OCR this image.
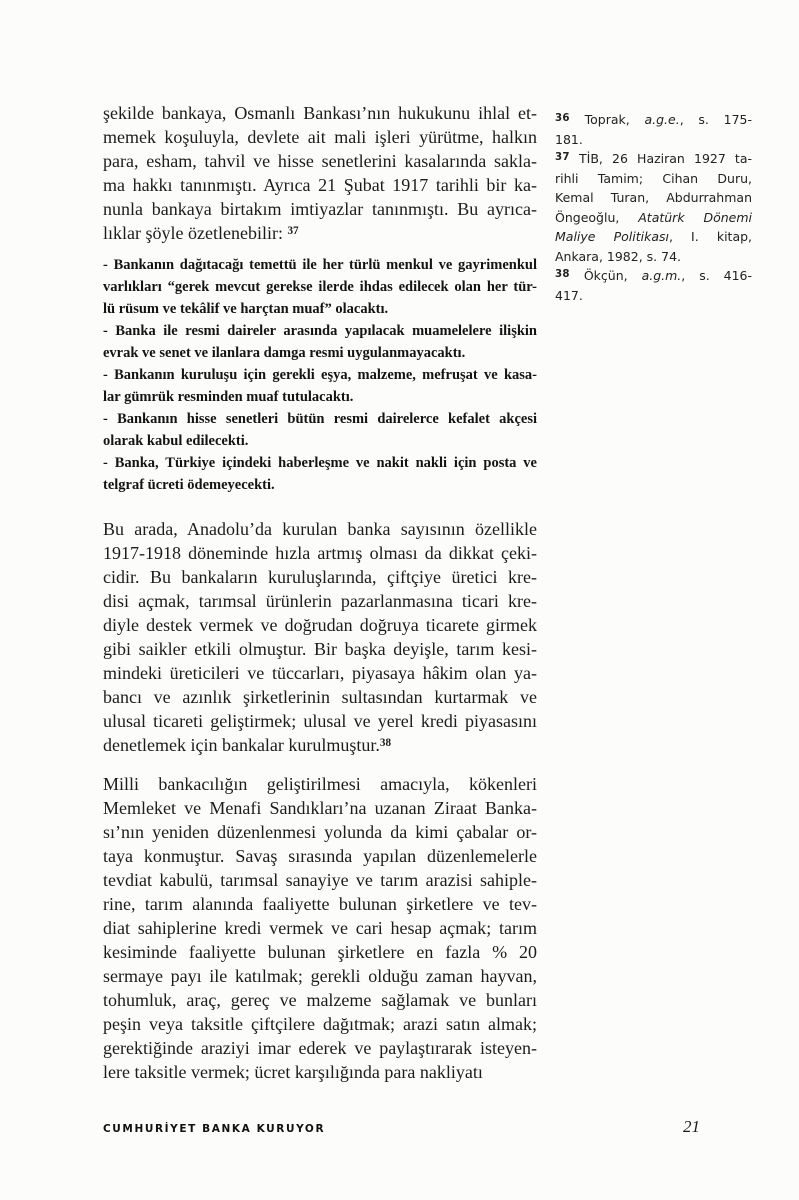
şekilde bankaya, Osmanlı Bankası’nın hukukunu ihlal et-
memek koşuluyla, devlete ait mali işleri yürütme, halkın
para, esham, tahvil ve hisse senetlerini kasalarında sakla-
ma hakkı tanınmıştı. Ayrıca 21 Şubat 1917 tarihli bir ka-
nunla bankaya birtakım imtiyazlar tanınmıştı. Bu ayrıca-
lıklar şöyle özetlenebilir: $^{37}$
- Bankanın dağıtacağı temettü ile her türlü menkul ve gayrimenkul
varlıkları “gerek mevcut gerekse ilerde ihdas edilecek olan her tür-
lü rüsum ve tekâlif ve harçtan muaf” olacaktı.
- Banka ile resmi daireler arasında yapılacak muamelelere ilişkin
evrak ve senet ve ilanlara damga resmi uygulanmayacaktı.
- Bankanın kuruluşu için gerekli eşya, malzeme, mefruşat ve kasa-
lar gümrük resminden muaf tutulacaktı.
- Bankanın hisse senetleri bütün resmi dairelerce kefalet akçesi
olarak kabul edilecekti.
- Banka, Türkiye içindeki haberleşme ve nakit nakli için posta ve
telgraf ücreti ödemeyecekti.
Bu arada, Anadolu’da kurulan banka sayısının özellikle
1917-1918 döneminde hızla artmış olması da dikkat çeki-
cidir. Bu bankaların kuruluşlarında, çiftçiye üretici kre-
disi açmak, tarımsal ürünlerin pazarlanmasına ticari kre-
diyle destek vermek ve doğrudan doğruya ticarete girmek
gibi saikler etkili olmuştur. Bir başka deyişle, tarım kesi-
mindeki üreticileri ve tüccarları, piyasaya hâkim olan ya-
bancı ve azınlık şirketlerinin sultasından kurtarmak ve
ulusal ticareti geliştirmek; ulusal ve yerel kredi piyasasını
denetlemek için bankalar kurulmuştur.$^{38}$
Milli bankacılığın geliştirilmesi amacıyla, kökenleri
Memleket ve Menafi Sandıkları’na uzanan Ziraat Banka-
sı’nın yeniden düzenlenmesi yolunda da kimi çabalar or-
taya konmuştur. Savaş sırasında yapılan düzenlemelerle
tevdiat kabulü, tarımsal sanayiye ve tarım arazisi sahiple-
rine, tarım alanında faaliyette bulunan şirketlere ve tev-
diat sahiplerine kredi vermek ve cari hesap açmak; tarım
kesiminde faaliyette bulunan şirketlere en fazla % 20
sermaye payı ile katılmak; gerekli olduğu zaman hayvan,
tohumluk, araç, gereç ve malzeme sağlamak ve bunları
peşin veya taksitle çiftçilere dağıtmak; arazi satın almak;
gerektiğinde araziyi imar ederek ve paylaştırarak isteyen-
lere taksitle vermek; ücret karşılığında para nakliyatı
$^{36}$ Toprak, a.g.e., s. 175-
181.
$^{37}$ TİB, 26 Haziran 1927 ta-
rihli Tamim; Cihan Duru,
Kemal Turan, Abdurrahman
Öngeoğlu, Atatürk Dönemi
Maliye Politikası, I. kitap,
Ankara, 1982, s. 74.
$^{38}$ Ökçün, a.g.m., s. 416-
417.
CUMHURİYET BANKA KURUYOR	21
